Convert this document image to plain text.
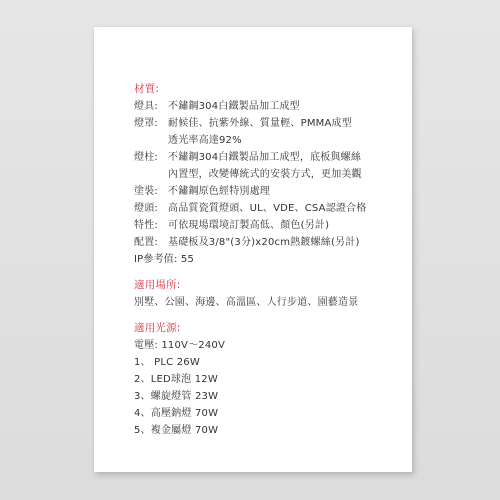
材質:
燈具:	不鏽鋼304白鐵製品加工成型
燈罩:	耐候佳、抗紫外線、質量輕、PMMA成型
透光率高達92%
燈柱:	不鏽鋼304白鐵製品加工成型，底板與螺絲
內置型，改變傳統式的安裝方式，更加美觀
塗裝:	不鏽鋼原色經特別處理
燈頭:	高品質瓷質燈頭、UL、VDE、CSA認證合格
特性:	可依現場環境訂製高低、顏色(另計)
配置:	基礎板及3/8"(3分)x20cm熱鍍螺絲(另計)
IP參考值: 55
適用場所:
別墅、公園、海邊、高溫區、人行步道、園藝造景
適用光源:
電壓: 110V～240V
1、 PLC 26W
2、LED球泡 12W
3、螺旋燈管 23W
4、高壓鈉燈 70W
5、複金屬燈 70W
